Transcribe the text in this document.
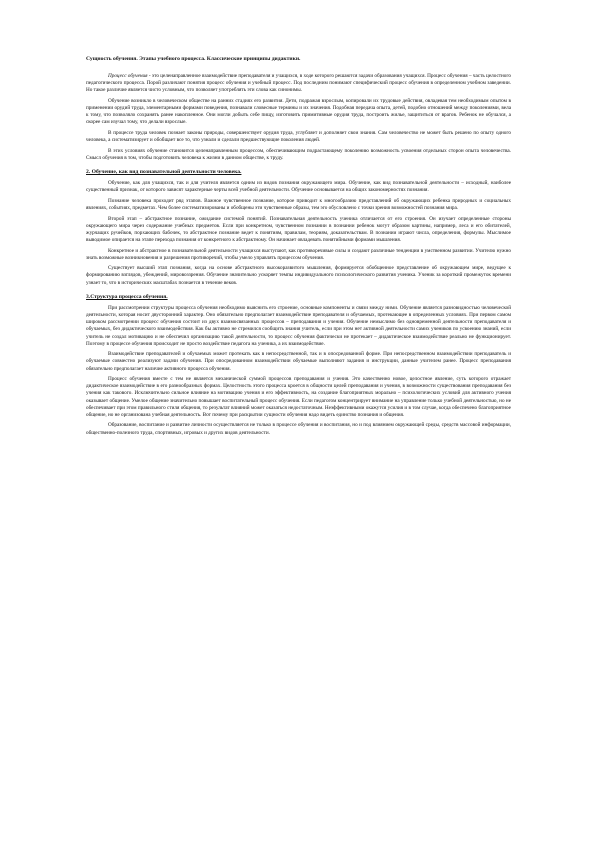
Сущность обучения. Этапы учебного процесса. Классические принципы дидактики.

Процесс обучения - это целенаправленное взаимодействие преподавателя и учащихся, в ходе которого решаются задачи образования учащихся. Процесс обучения – часть целостного педагогического процесса. Порой различают понятия процесс обучения и учебный процесс. Под последним понимают специфический процесс обучения в определенном учебном заведении. Но такое различие является чисто условным, что позволяет употреблять эти слова как синонимы.

Обучение возникло в человеческом обществе на ранних стадиях его развития. Дети, подражая взрослым, копировали их трудовые действия, овладевая тем необходимым опытом в применении орудий труда, элементарными формами поведения, познавали словесные термины и их значения. Подобная передача опыта, детей, подобно отношений между поколениями, вела к тому, что позволяло сохранять ранее накопленное. Они могли добыть себе пищу, изготовить примитивные орудия труда, построить жилье, защититься от врагов. Ребенок не обучался, а скорее сам изучал тому, что делали взрослые.

В процессе труда человек познает законы природы, совершенствует орудия труда, углубляет и дополняет свои знания. Сам человечество не может быть решено по опыту одного человека, а систематизирует и обобщает все то, что узнали и сделали предшествующие поколения людей.

В этих условиях обучение становится целенаправленным процессом, обеспечивающим подрастающему поколению возможность усвоения отдельных сторон опыта человечества. Смысл обучения в том, чтобы подготовить человека к жизни в данном обществе, к труду.

2. Обучение, как вид познавательной деятельности человека.

Обучение, как для учащихся, так и для учителя является одним из видов познания окружающего мира. Обучение, как вид познавательной деятельности – исходный, наиболее существенный признак, от которого зависят характерные черты всей учебной деятельности. Обучение основывается на общих закономерностях познания.

Познание человека проходит ряд этапов. Важное чувственное познание, которое приводит к многообразию представлений об окружающих ребенка природных и социальных явлениях, событиях, предметах. Чем более систематизированы и обобщены эти чувственные образы, тем эго обусловлено с точки зрения возможностей познания мира.

Второй этап – абстрактное познание, ожидание системой понятий. Познавательная деятельность ученика отличается от его строения. Он изучает определенные стороны окружающего мира через содержание учебных предметов. Если при конкретном, чувственном познании в познании ребенок могут образом картины, например, леса и его обитателей, журчащих ручейков, порхающих бабочек, то абстрактное познание ведет к понятиям, правилам, теориям, доказательствам. В познании играют числа, определения, формулы. Мыслимое выводимое опирается на этапе перехода познания от конкретного к абстрактному. Он начинает овладевать понятийными формами мышления.

Конкретное и абстрактное в познавательной деятельности учащихся выступают, как противоречивые силы и создают различные тенденции в умственном развитии. Учителю нужно знать возможные возникновения и разрешения противоречий, чтобы умело управлять процессом обучения.

Существует высший этап познания, когда на основе абстрактного высокоразвитого мышления, формируется обобщенное представление об окружающем мире, ведущее к формированию взглядов, убеждений, мировоззрения. Обучение значительно ускоряет темпы индивидуального психологического развития ученика. Ученик за короткий промежуток времени узнает то, что в исторических масштабах познается в течение веков.

3.Структура процесса обучения.

При рассмотрении структуры процесса обучения необходимо выяснить его строение, основные компоненты и связи между ними. Обучение является разновидностью человеческой деятельности, которая носит двусторонний характер. Оно обязательно предполагает взаимодействие преподавателя и обучаемых, протекающее в определенных условиях. При первом самом широком рассмотрении процесс обучения состоит из двух взаимосвязанных процессов – преподавания и учения. Обучение немыслимо без одновременной деятельности преподавателя и обучаемых, без дидактического взаимодействия. Как бы активно не стремился сообщить знания учитель, если при этом нет активной деятельности самих учеников по усвоению знаний, если учитель не создал мотивацию и не обеспечил организацию такой деятельности, то процесс обучения фактически не протекает – дидактическое взаимодействие реально не функционирует. Поэтому в процессе обучения происходит не просто воздействие педагога на ученика, а их взаимодействие.

Взаимодействие преподавателей и обучаемых может протекать как в непосредственной, так и в опосредованной форме. При непосредственном взаимодействии преподаватель и обучаемые совместно реализуют задачи обучения. При опосредованном взаимодействии обучаемые выполняют задания и инструкции, данные учителем ранее. Процесс преподавания обязательно предполагает наличие активного процесса обучения.

Процесс обучения вместе с тем не является механической суммой процессов преподавания и учения. Это качественно новое, целостное явление, суть которого отражает дидактическое взаимодействие в его разнообразных формах. Целостность этого процесса кроется в общности целей преподавания и учения, в возможности существования преподавания без учения как такового. Исключительно сильное влияние на мотивацию учения и его эффективность, на создание благоприятных морально – психологических условий для активного учения оказывает общение. Умелое общение значительно повышает воспитательный процесс обучения. Если педагогом концентрирует внимание на управление только учебной деятельностью, но не обеспечивает при этом правильного стиля общения, то результат влияний может оказаться недостаточным. Неэффективными окажутся усилия и в том случае, когда обеспечено благоприятное общение, но не организована учебная деятельность. Вот почему при раскрытии сущности обучения надо видеть единство познания и общения.

Образование, воспитание и развитие личности осуществляется не только в процессе обучения и воспитания, но и под влиянием окружающей среды, средств массовой информации, общественно-полезного труда, спортивных, игровых и других видов деятельности.
